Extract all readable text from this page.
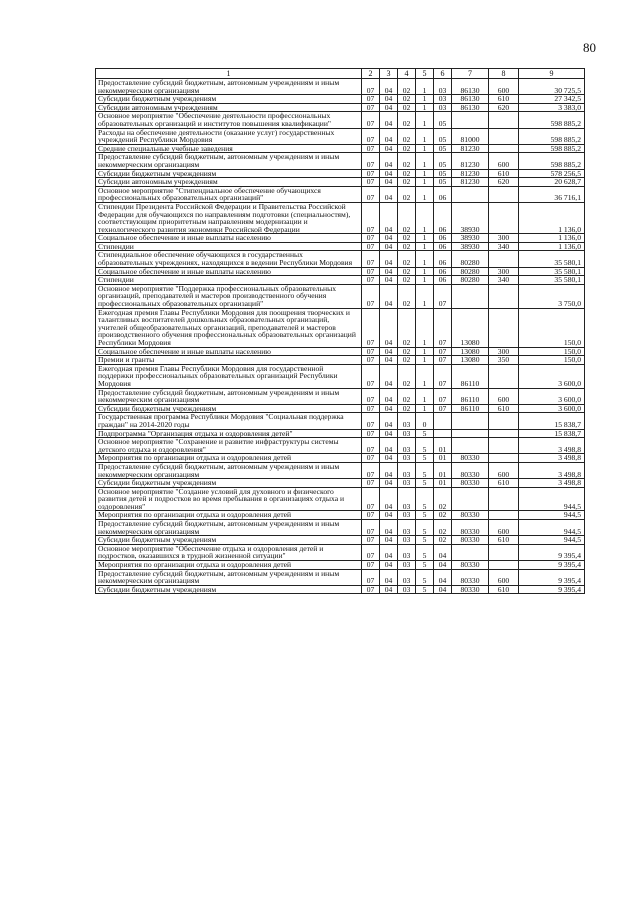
80
1	2	3	4	5	6	7	8	9
Предоставление субсидий бюджетным, автономным учреждениям и иным некоммерческим организациям	07	04	02	1	03	86130	600	30 725,5
Субсидии бюджетным учреждениям	07	04	02	1	03	86130	610	27 342,5
Субсидии автономным учреждениям	07	04	02	1	03	86130	620	3 383,0
Основное мероприятие "Обеспечение деятельности профессиональных образовательных организаций и институтов повышения квалификации"	07	04	02	1	05			598 885,2
Расходы на обеспечение деятельности (оказание услуг) государственных учреждений Республики Мордовия	07	04	02	1	05	81000		598 885,2
Средние специальные учебные заведения	07	04	02	1	05	81230		598 885,2
Предоставление субсидий бюджетным, автономным учреждениям и иным некоммерческим организациям	07	04	02	1	05	81230	600	598 885,2
Субсидии бюджетным учреждениям	07	04	02	1	05	81230	610	578 256,5
Субсидии автономным учреждениям	07	04	02	1	05	81230	620	20 628,7
Основное мероприятие "Стипендиальное обеспечение обучающихся профессиональных образовательных организаций"	07	04	02	1	06			36 716,1
Стипендии Президента Российской Федерации и Правительства Российской Федерации для обучающихся по направлениям подготовки (специальностям), соответствующим приоритетным направлениям модернизации и технологического развития экономики Российской Федерации	07	04	02	1	06	38930		1 136,0
Социальное обеспечение и иные выплаты населению	07	04	02	1	06	38930	300	1 136,0
Стипендии	07	04	02	1	06	38930	340	1 136,0
Стипендиальное обеспечение обучающихся в государственных образовательных учреждениях, находящихся в ведении Республики Мордовия	07	04	02	1	06	80280		35 580,1
Социальное обеспечение и иные выплаты населению	07	04	02	1	06	80280	300	35 580,1
Стипендии	07	04	02	1	06	80280	340	35 580,1
Основное мероприятие "Поддержка профессиональных образовательных организаций, преподавателей и мастеров производственного обучения профессиональных образовательных организаций"	07	04	02	1	07			3 750,0
Ежегодная премия Главы Республики Мордовия для поощрения творческих и талантливых воспитателей дошкольных образовательных организаций, учителей общеобразовательных организаций, преподавателей и мастеров производственного обучения профессиональных образовательных организаций Республики Мордовия	07	04	02	1	07	13080		150,0
Социальное обеспечение и иные выплаты населению	07	04	02	1	07	13080	300	150,0
Премии и гранты	07	04	02	1	07	13080	350	150,0
Ежегодная премия Главы Республики Мордовия для государственной поддержки профессиональных образовательных организаций Республики Мордовия	07	04	02	1	07	86110		3 600,0
Предоставление субсидий бюджетным, автономным учреждениям и иным некоммерческим организациям	07	04	02	1	07	86110	600	3 600,0
Субсидии бюджетным учреждениям	07	04	02	1	07	86110	610	3 600,0
Государственная программа Республики Мордовия "Социальная поддержка граждан" на 2014-2020 годы	07	04	03	0				15 838,7
Подпрограмма "Организация отдыха и оздоровления детей"	07	04	03	5				15 838,7
Основное мероприятие "Сохранение и развитие инфраструктуры системы детского отдыха и оздоровления"	07	04	03	5	01			3 498,8
Мероприятия по организации отдыха и оздоровления детей	07	04	03	5	01	80330		3 498,8
Предоставление субсидий бюджетным, автономным учреждениям и иным некоммерческим организациям	07	04	03	5	01	80330	600	3 498,8
Субсидии бюджетным учреждениям	07	04	03	5	01	80330	610	3 498,8
Основное мероприятие "Создание условий для духовного и физического развития детей и подростков во время пребывания в организациях отдыха и оздоровления"	07	04	03	5	02			944,5
Мероприятия по организации отдыха и оздоровления детей	07	04	03	5	02	80330		944,5
Предоставление субсидий бюджетным, автономным учреждениям и иным некоммерческим организациям	07	04	03	5	02	80330	600	944,5
Субсидии бюджетным учреждениям	07	04	03	5	02	80330	610	944,5
Основное мероприятие "Обеспечение отдыха и оздоровления детей и подростков, оказавшихся в трудной жизненной ситуации"	07	04	03	5	04			9 395,4
Мероприятия по организации отдыха и оздоровления детей	07	04	03	5	04	80330		9 395,4
Предоставление субсидий бюджетным, автономным учреждениям и иным некоммерческим организациям	07	04	03	5	04	80330	600	9 395,4
Субсидии бюджетным учреждениям	07	04	03	5	04	80330	610	9 395,4
